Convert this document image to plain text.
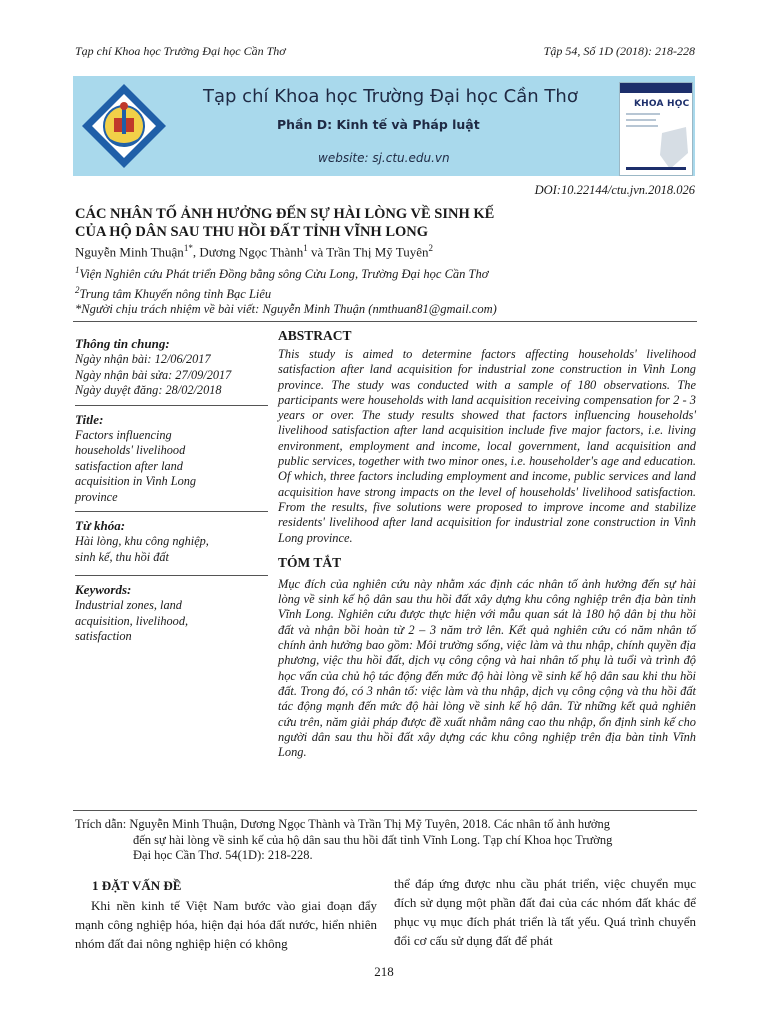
Tạp chí Khoa học Trường Đại học Cần Thơ	Tập 54, Số 1D (2018): 218-228
Tạp chí Khoa học Trường Đại học Cần Thơ
Phần D: Kinh tế và Pháp luật
website: sj.ctu.edu.vn
KHOA HỌC
DOI:10.22144/ctu.jvn.2018.026
CÁC NHÂN TỐ ẢNH HƯỞNG ĐẾN SỰ HÀI LÒNG VỀ SINH KẾ
CỦA HỘ DÂN SAU THU HỒI ĐẤT TỈNH VĨNH LONG
Nguyễn Minh Thuận$^{1*}$, Dương Ngọc Thành$^1$ và Trần Thị Mỹ Tuyên$^2$
$^1$Viện Nghiên cứu Phát triển Đồng bằng sông Cửu Long, Trường Đại học Cần Thơ
$^2$Trung tâm Khuyến nông tỉnh Bạc Liêu
*Người chịu trách nhiệm về bài viết: Nguyễn Minh Thuận (nmthuan81@gmail.com)
Thông tin chung:
Ngày nhận bài: 12/06/2017
Ngày nhận bài sửa: 27/09/2017
Ngày duyệt đăng: 28/02/2018
Title:
Factors influencing
households' livelihood
satisfaction after land
acquisition in Vinh Long
province
Từ khóa:
Hài lòng, khu công nghiệp,
sinh kế, thu hồi đất
Keywords:
Industrial zones, land
acquisition, livelihood,
satisfaction
ABSTRACT
This study is aimed to determine factors affecting households' livelihood satisfaction after land acquisition for industrial zone construction in Vinh Long province. The study was conducted with a sample of 180 observations. The participants were households with land acquisition receiving compensation for 2 - 3 years or over. The study results showed that factors influencing households' livelihood satisfaction after land acquisition include five major factors, i.e. living environment, employment and income, local government, land acquisition and public services, together with two minor ones, i.e. householder's age and education. Of which, three factors including employment and income, public services and land acquisition have strong impacts on the level of households' livelihood satisfaction. From the results, five solutions were proposed to improve income and stabilize residents' livelihood after land acquisition for industrial zone construction in Vinh Long province.
TÓM TẮT
Mục đích của nghiên cứu này nhằm xác định các nhân tố ảnh hưởng đến sự hài lòng về sinh kế hộ dân sau thu hồi đất xây dựng khu công nghiệp trên địa bàn tỉnh Vĩnh Long. Nghiên cứu được thực hiện với mẫu quan sát là 180 hộ dân bị thu hồi đất và nhận bồi hoàn từ 2 – 3 năm trở lên. Kết quả nghiên cứu có năm nhân tố chính ảnh hưởng bao gồm: Môi trường sống, việc làm và thu nhập, chính quyền địa phương, việc thu hồi đất, dịch vụ công cộng và hai nhân tố phụ là tuổi và trình độ học vấn của chủ hộ tác động đến mức độ hài lòng về sinh kế hộ dân sau khi thu hồi đất. Trong đó, có 3 nhân tố: việc làm và thu nhập, dịch vụ công cộng và thu hồi đất tác động mạnh đến mức độ hài lòng về sinh kế hộ dân. Từ những kết quả nghiên cứu trên, năm giải pháp được đề xuất nhằm nâng cao thu nhập, ổn định sinh kế cho người dân sau thu hồi đất xây dựng các khu công nghiệp trên địa bàn tỉnh Vĩnh Long.
Trích dẫn: Nguyễn Minh Thuận, Dương Ngọc Thành và Trần Thị Mỹ Tuyên, 2018. Các nhân tố ảnh hưởng
đến sự hài lòng về sinh kế của hộ dân sau thu hồi đất tỉnh Vĩnh Long. Tạp chí Khoa học Trường
Đại học Cần Thơ. 54(1D): 218-228.
1 ĐẶT VẤN ĐỀ
Khi nền kinh tế Việt Nam bước vào giai đoạn đẩy mạnh công nghiệp hóa, hiện đại hóa đất nước, hiển nhiên nhóm đất đai nông nghiệp hiện có không
thể đáp ứng được nhu cầu phát triển, việc chuyển mục đích sử dụng một phần đất đai của các nhóm đất khác để phục vụ mục đích phát triển là tất yếu. Quá trình chuyển đổi cơ cấu sử dụng đất để phát
218
